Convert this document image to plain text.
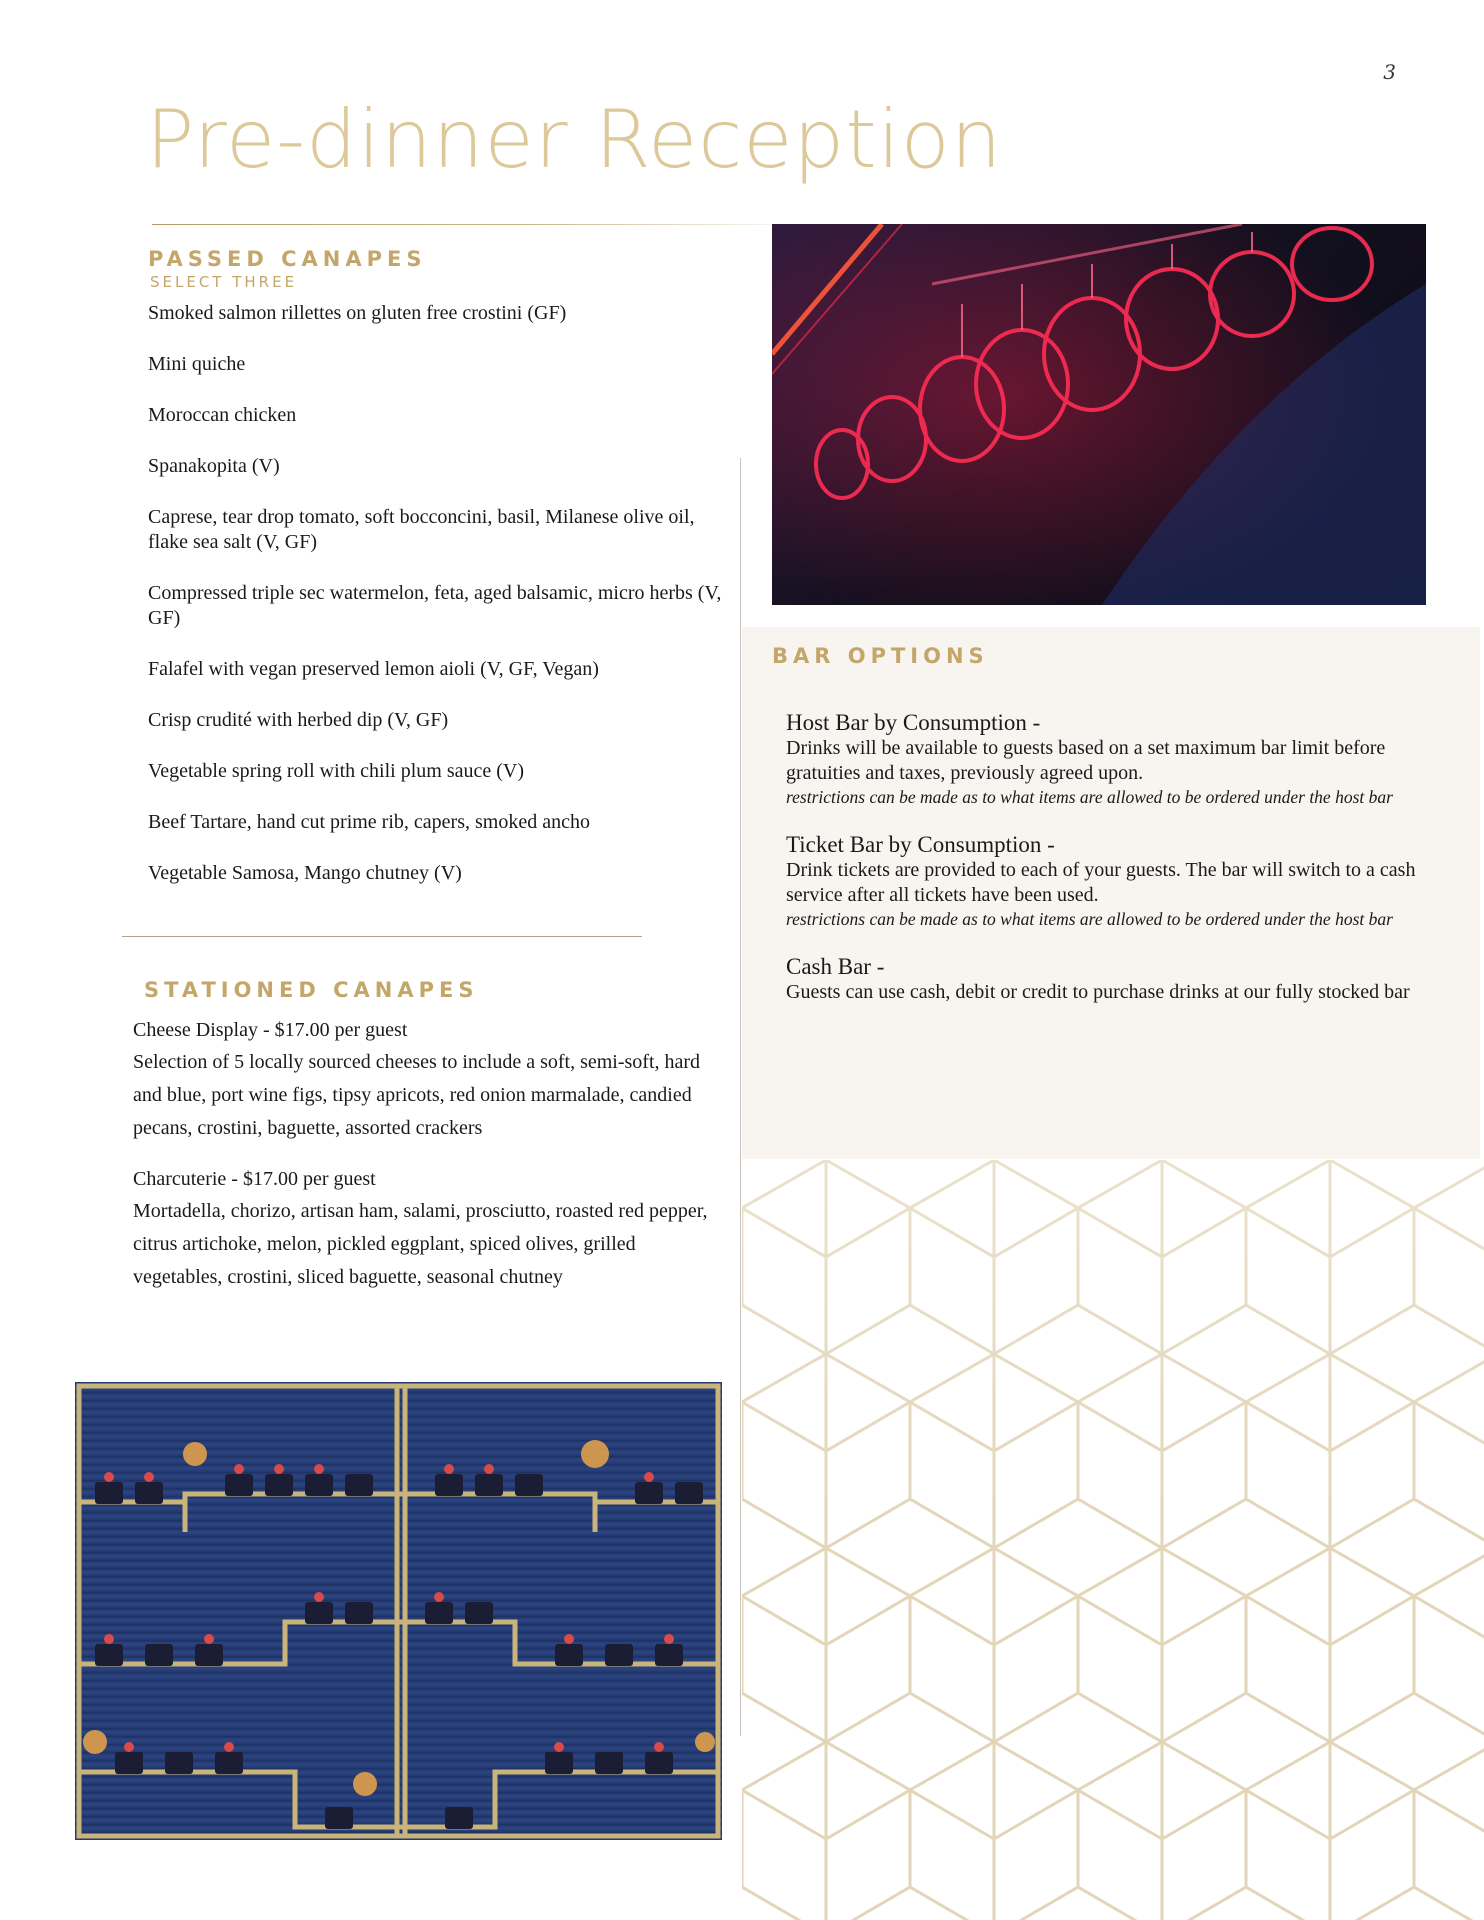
3
Pre-dinner Reception
PASSED CANAPES
SELECT THREE
Smoked salmon rillettes on gluten free crostini (GF)
Mini quiche
Moroccan chicken
Spanakopita (V)
Caprese, tear drop tomato, soft bocconcini, basil, Milanese olive oil, flake sea salt (V, GF)
Compressed triple sec watermelon, feta, aged balsamic, micro herbs (V, GF)
Falafel with vegan preserved lemon aioli (V, GF, Vegan)
Crisp crudité with herbed dip (V, GF)
Vegetable spring roll with chili plum sauce (V)
Beef Tartare, hand cut prime rib, capers, smoked ancho
Vegetable Samosa, Mango chutney (V)
STATIONED CANAPES
Cheese Display - $17.00 per guest
Selection of 5 locally sourced cheeses to include a soft, semi-soft, hard and blue, port wine figs, tipsy apricots, red onion marmalade, candied pecans, crostini, baguette, assorted crackers
Charcuterie - $17.00 per guest
Mortadella, chorizo, artisan ham, salami, prosciutto, roasted red pepper, citrus artichoke, melon, pickled eggplant, spiced olives, grilled vegetables, crostini, sliced baguette, seasonal chutney
BAR OPTIONS
Host Bar by Consumption -
Drinks will be available to guests based on a set maximum bar limit before gratuities and taxes, previously agreed upon.
restrictions can be made as to what items are allowed to be ordered under the host bar
Ticket Bar by Consumption -
Drink tickets are provided to each of your guests. The bar will switch to a cash service after all tickets have been used.
restrictions can be made as to what items are allowed to be ordered under the host bar
Cash Bar -
Guests can use cash, debit or credit to purchase drinks at our fully stocked bar
